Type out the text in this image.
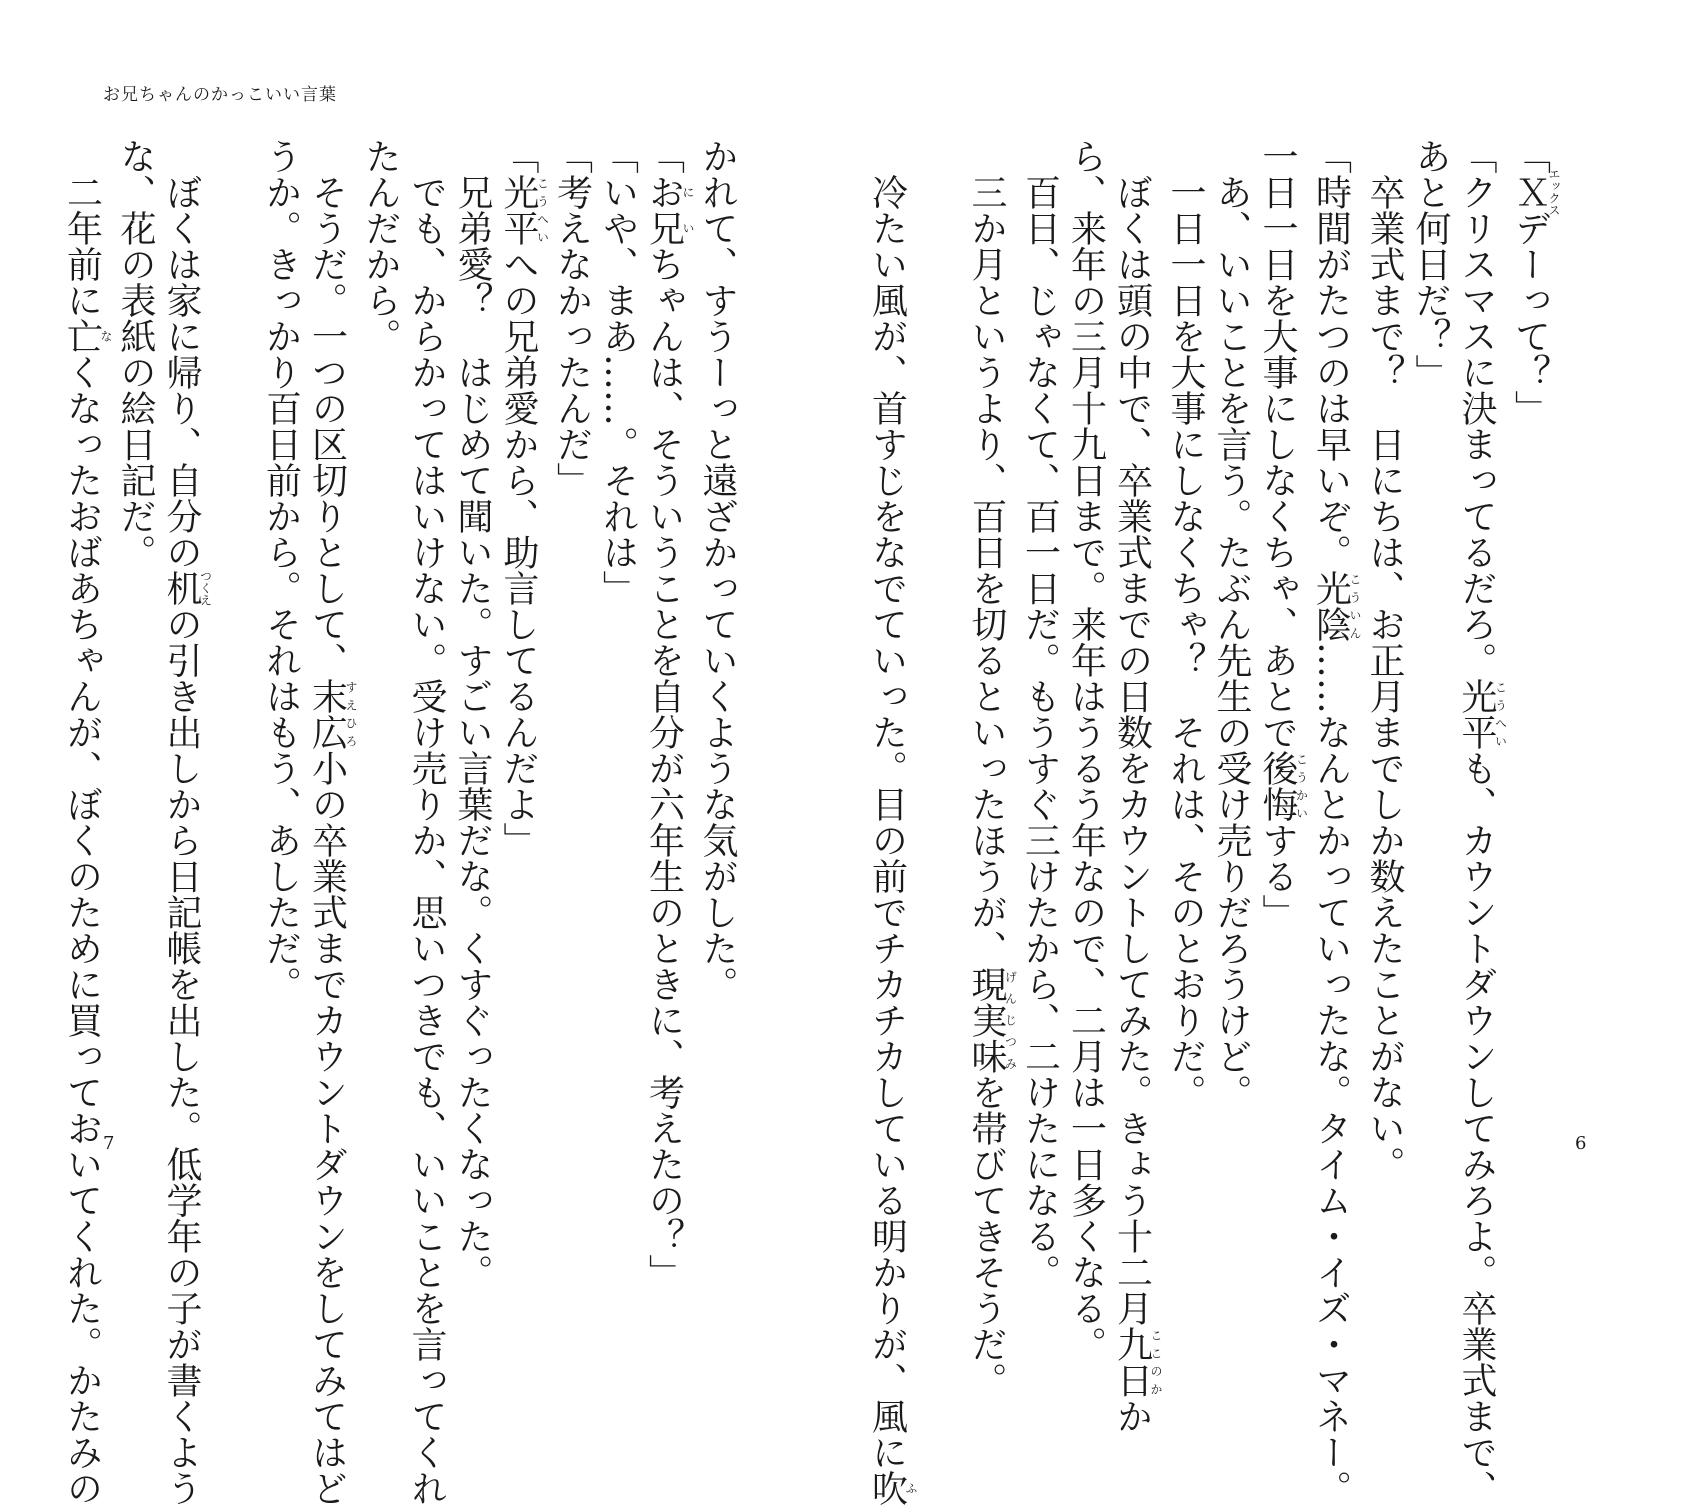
お兄ちゃんのかっこいい言葉
かれて、すうーっと遠ざかっていくような気がした。
「お兄にいちゃんは、そういうことを自分が六年生のときに、考えたの？」
「いや、まあ……。それは」
「考えなかったんだ」
「光平こうへいへの兄弟愛から、助言してるんだよ」
　兄弟愛？　はじめて聞いた。すごい言葉だな。くすぐったくなった。
　でも、からかってはいけない。受け売りか、思いつきでも、いいことを言ってくれ
たんだから。
　そうだ。一つの区切りとして、末広すえひろ小の卒業式までカウントダウンをしてみてはど
うか。きっかり百日前から。それはもう、あしただ。
　ぼくは家に帰り、自分の机つくえの引き出しから日記帳を出した。低学年の子が書くよう
な、花の表紙の絵日記だ。
　二年前に亡なくなったおばあちゃんが、ぼくのために買っておいてくれた。かたみの
「Ｘエックスデーって？」
「クリスマスに決まってるだろ。光平こうへいも、カウントダウンしてみろよ。卒業式まで、
あと何日だ？」
　卒業式まで？　日にちは、お正月までしか数えたことがない。
「時間がたつのは早いぞ。光陰こういん……なんとかっていったな。タイム・イズ・マネー。
一日一日を大事にしなくちゃ、あとで後悔こうかいする」
　あ、いいことを言う。たぶん先生の受け売りだろうけど。
　一日一日を大事にしなくちゃ？　それは、そのとおりだ。
　ぼくは頭の中で、卒業式までの日数をカウントしてみた。きょう十二月九日ここのかか
ら、来年の三月十九日まで。来年はうるう年なので、二月は一日多くなる。
　百日、じゃなくて、百一日だ。もうすぐ三けたから、二けたになる。
　三か月というより、百日を切るといったほうが、現実味げんじつみを帯びてきそうだ。
　冷たい風が、首すじをなでていった。目の前でチカチカしている明かりが、風に吹ふ
7	6
